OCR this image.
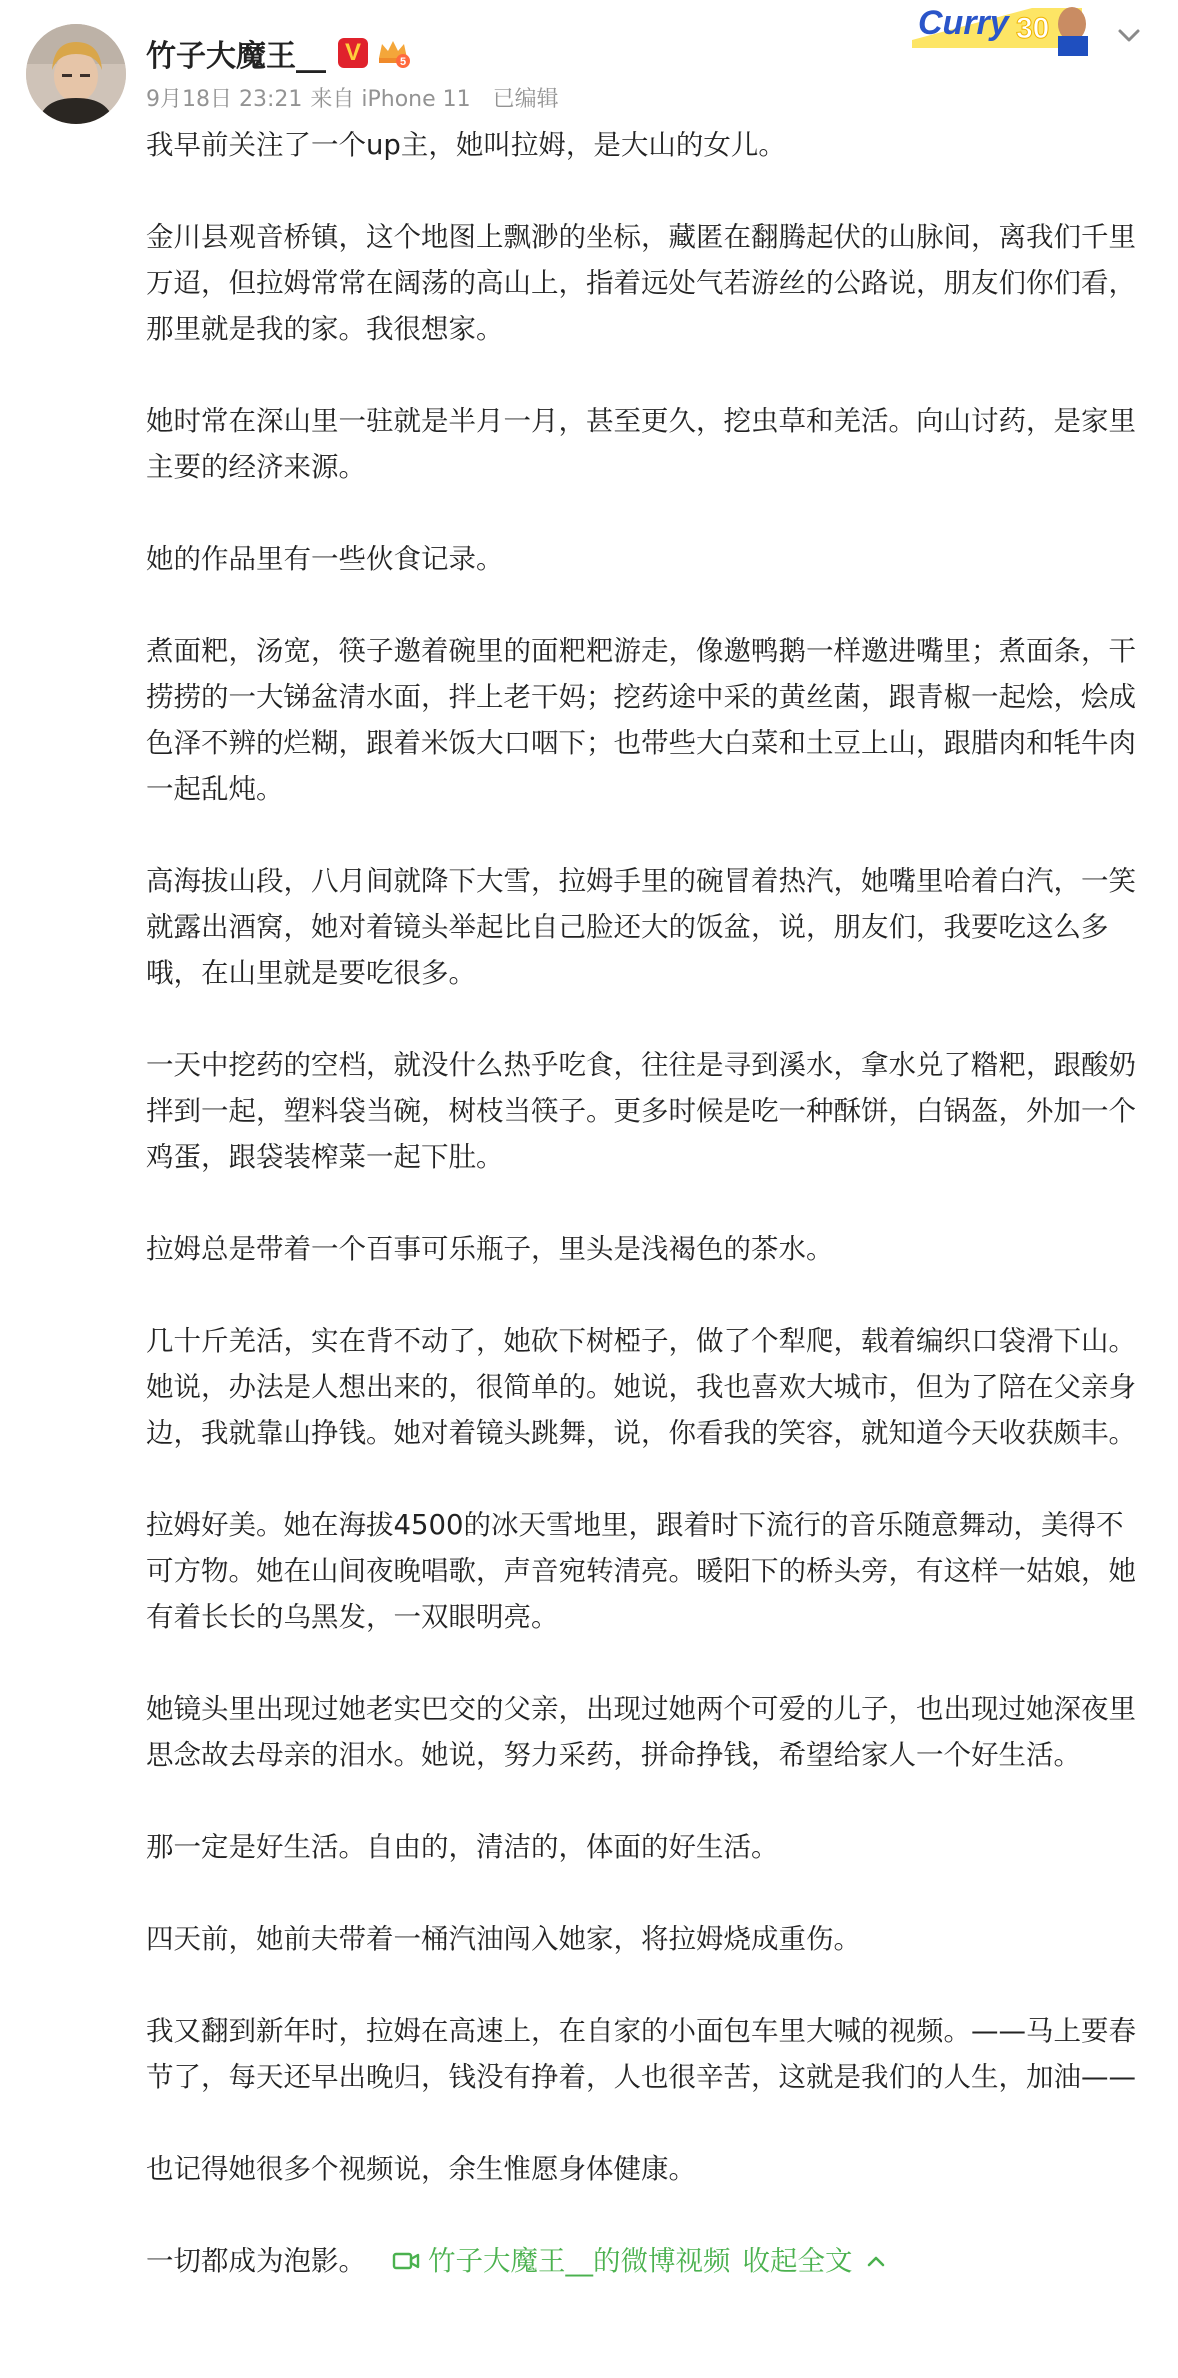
竹子大魔王__ V	5
9月18日 23:21 来自 iPhone 11 已编辑
Curry 30

我早前关注了一个up主，她叫拉姆，是大山的女儿。

金川县观音桥镇，这个地图上飘渺的坐标，藏匿在翻腾起伏的山脉间，离我们千里万迢，但拉姆常常在阔荡的高山上，指着远处气若游丝的公路说，朋友们你们看，那里就是我的家。我很想家。

她时常在深山里一驻就是半月一月，甚至更久，挖虫草和羌活。向山讨药，是家里主要的经济来源。

她的作品里有一些伙食记录。

煮面粑，汤宽，筷子邀着碗里的面粑粑游走，像邀鸭鹅一样邀进嘴里；煮面条，干捞捞的一大锑盆清水面，拌上老干妈；挖药途中采的黄丝菌，跟青椒一起烩，烩成色泽不辨的烂糊，跟着米饭大口咽下；也带些大白菜和土豆上山，跟腊肉和牦牛肉一起乱炖。

高海拔山段，八月间就降下大雪，拉姆手里的碗冒着热汽，她嘴里哈着白汽，一笑就露出酒窝，她对着镜头举起比自己脸还大的饭盆，说，朋友们，我要吃这么多哦，在山里就是要吃很多。

一天中挖药的空档，就没什么热乎吃食，往往是寻到溪水，拿水兑了糌粑，跟酸奶拌到一起，塑料袋当碗，树枝当筷子。更多时候是吃一种酥饼，白锅盔，外加一个鸡蛋，跟袋装榨菜一起下肚。

拉姆总是带着一个百事可乐瓶子，里头是浅褐色的茶水。

几十斤羌活，实在背不动了，她砍下树椏子，做了个犁爬，载着编织口袋滑下山。她说，办法是人想出来的，很简单的。她说，我也喜欢大城市，但为了陪在父亲身边，我就靠山挣钱。她对着镜头跳舞，说，你看我的笑容，就知道今天收获颇丰。

拉姆好美。她在海拔4500的冰天雪地里，跟着时下流行的音乐随意舞动，美得不可方物。她在山间夜晚唱歌，声音宛转清亮。暖阳下的桥头旁，有这样一姑娘，她有着长长的乌黑发，一双眼明亮。

她镜头里出现过她老实巴交的父亲，出现过她两个可爱的儿子，也出现过她深夜里思念故去母亲的泪水。她说，努力采药，拼命挣钱，希望给家人一个好生活。

那一定是好生活。自由的，清洁的，体面的好生活。

四天前，她前夫带着一桶汽油闯入她家，将拉姆烧成重伤。

我又翻到新年时，拉姆在高速上，在自家的小面包车里大喊的视频。——马上要春节了，每天还早出晚归，钱没有挣着，人也很辛苦，这就是我们的人生，加油——

也记得她很多个视频说，余生惟愿身体健康。

一切都成为泡影。 竹子大魔王__的微博视频 收起全文
